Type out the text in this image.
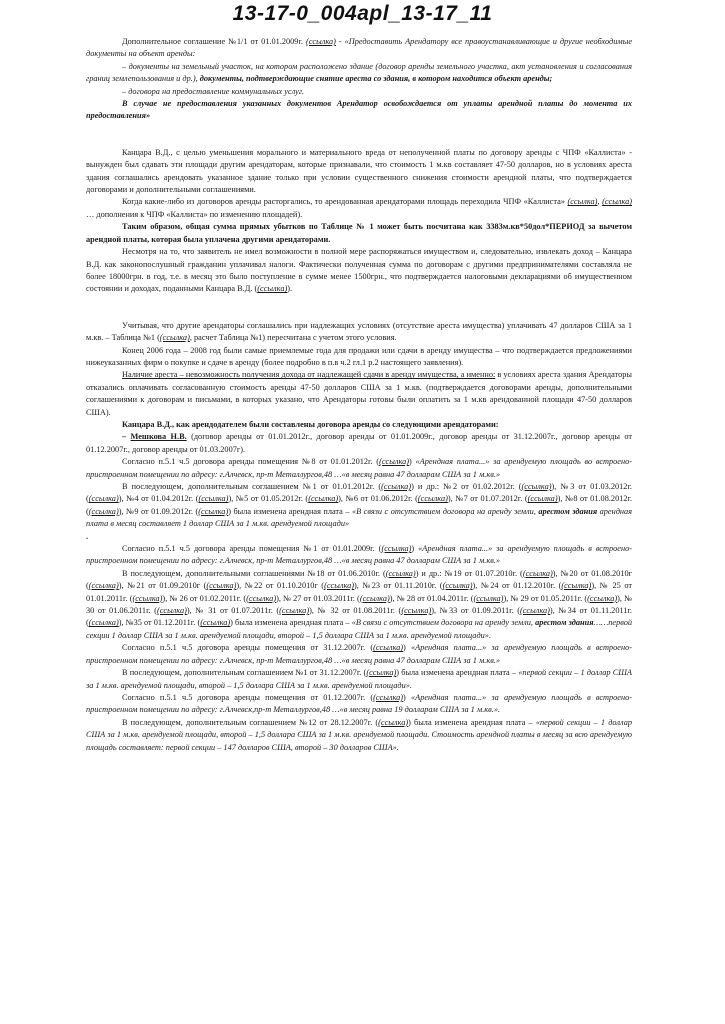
13-17-0_004apl_13-17_11

Дополнительное соглашение №1/1 от 01.01.2009г. (ссылка) - «Предоставить Арендатору все правоустанавливающие и другие необходимые документы на объект аренды:

– документы на земельный участок, на котором расположено здание (договор аренды земельного участка, акт установления и согласования границ землепользования и др.), документы, подтверждающие снятие ареста со здания, в котором находится объект аренды;

– договора на предоставление коммунальных услуг.

В случае не предоставления указанных документов Арендатор освобождается от уплаты арендной платы до момента их предоставления»

Канцара В.Д., с целью уменьшения морального и материального вреда от неполученной платы по договору аренды с ЧПФ «Каллиста» - вынужден был сдавать эти площади другим арендаторам, которые признавали, что стоимость 1 м.кв составляет 47-50 долларов, но в условиях ареста здания соглашались арендовать указанное здание только при условии существенного снижения стоимости арендной платы, что подтверждается договорами и дополнительными соглашениями.

Когда какие-либо из договоров аренды расторгались, то арендованная арендаторами площадь переходила ЧПФ «Каллиста» (ссылка), (ссылка) … дополнения к ЧПФ «Каллиста» по изменению площадей).

Таким образом, общая сумма прямых убытков по Таблице № 1 может быть посчитана как 3383м.кв*50дол*ПЕРИОД за вычетом арендной платы, которая была уплачена другими арендаторами.

Несмотря на то, что заявитель не имел возможности в полной мере распоряжаться имуществом и, следовательно, извлекать доход – Канцара В.Д. как законопослушный гражданин уплачивал налоги. Фактически полученная сумма по договорам с другими предпринимателями составляла не более 18000грн. в год, т.е. в месяц это было поступление в сумме менее 1500грн., что подтверждается налоговыми декларациями об имущественном состоянии и доходах, поданными Канцара В.Д. ((ссылка)).

Учитывая, что другие арендаторы соглашались при надлежащих условиях (отсутствие ареста имущества) уплачивать 47 долларов США за 1 м.кв. – Таблица №1 ((ссылка), расчет Таблица №1) пересчитана с учетом этого условия.

Конец 2006 года – 2008 год были самые приемлемые года для продажи или сдачи в аренду имущества – что подтверждается предложениями нижеуказанных фирм о покупке и сдаче в аренду (более подробно в п.в ч.2 гл.1 р.2 настоящего заявления).

Наличие ареста – невозможность получения дохода от надлежащей сдачи в аренду имущества, а именно: в условиях ареста здания Арендаторы отказались оплачивать согласованную стоимость аренды 47-50 долларов США за 1 м.кв. (подтверждается договорами аренды, дополнительными соглашениями к договорам и письмами, в которых указано, что Арендаторы готовы были оплатить за 1 м.кв арендованной площади 47-50 долларов США).

Канцара В.Д., как арендодателем были составлены договора аренды со следующими арендаторами:

– Мешкова Н.В. (договор аренды от 01.01.2012г., договор аренды от 01.01.2009г., договор аренды от 31.12.2007г., договор аренды от 01.12.2007г., договор аренды от 01.03.2007г).

Согласно п.5.1 ч.5 договора аренды помещения №8 от 01.01.2012г. ((ссылка)) «Арендная плата...» за арендуемую площадь во встроено-пристроенном помещении по адресу: г.Алчевск, пр-т Металлургов,48 …«в месяц равна 47 долларам США за 1 м.кв.»

В последующем, дополнительным соглашением №1 от 01.01.2012г. ((ссылка)) и др.: №2 от 01.02.2012г. ((ссылка)), №3 от 01.03.2012г. ((ссылка)), №4 от 01.04.2012г. ((ссылка)), №5 от 01.05.2012г. ((ссылка)), №6 от 01.06.2012г. ((ссылка)), №7 от 01.07.2012г. ((ссылка)), №8 от 01.08.2012г. ((ссылка)), №9 от 01.09.2012г. ((ссылка)) была изменена арендная плата – «В связи с отсутствием договора на аренду земли, арестом здания арендная плата в месяц составляет 1 доллар США за 1 м.кв. арендуемой площади»

.

Согласно п.5.1 ч.5 договора аренды помещения №1 от 01.01.2009г. ((ссылка)) «Арендная плата...» за арендуемую площадь в встроено-пристроенном помещении по адресу: г.Алчевск, пр-т Металлургов,48 …«в месяц равна 47 долларам США за 1 м.кв.»

В последующем, дополнительными соглашениями №18 от 01.06.2010г. ((ссылка)) и др.: №19 от 01.07.2010г. ((ссылка)), №20 от 01.08.2010г ((ссылка)), №21 от 01.09.2010г ((ссылка)), №22 от 01.10.2010г ((ссылка)), №23 от 01.11.2010г. ((ссылка)), №24 от 01.12.2010г. ((ссылка)), № 25 от 01.01.2011г. ((ссылка)), № 26 от 01.02.2011г. ((ссылка)), № 27 от 01.03.2011г. ((ссылка)), № 28 от 01.04.2011г. ((ссылка)), № 29 от 01.05.2011г. ((ссылка)), № 30 от 01.06.2011г. ((ссылка)), № 31 от 01.07.2011г. ((ссылка)), № 32 от 01.08.2011г. ((ссылка)), №33 от 01.09.2011г. ((ссылка)), №34 от 01.11.2011г. ((ссылка)), №35 от 01.12.2011г. ((ссылка)) была изменена арендная плата – «В связи с отсутствием договора на аренду земли, арестом здания……первой секции 1 доллар США за 1 м.кв. арендуемой площади, второй – 1,5 доллара США за 1 м.кв. арендуемой площади».

Согласно п.5.1 ч.5 договора аренды помещения от 31.12.2007г. ((ссылка)) «Арендная плата...» за арендуемую площадь в встроено-пристроенном помещении по адресу: г.Алчевск, пр-т Металлургов,48 …«в месяц равна 47 долларам США за 1 м.кв.»

В последующем, дополнительным соглашением №1 от 31.12.2007г. ((ссылка)) была изменена арендная плата – «первой секции – 1 доллар США за 1 м.кв. арендуемой площади, второй – 1,5 доллара США за 1 м.кв. арендуемой площади».

Согласно п.5.1 ч.5 договора аренды помещения от 01.12.2007г. ((ссылка)) «Арендная плата...» за арендуемую площадь в встроено-пристроенном помещении по адресу: г.Алчевск,пр-т Металлургов,48 …«в месяц равна 19 долларам США за 1 м.кв.».

В последующем, дополнительным соглашением №12 от 28.12.2007г. ((ссылка)) была изменена арендная плата – «первой секции – 1 доллар США за 1 м.кв. арендуемой площади, второй – 1,5 доллара США за 1 м.кв. арендуемой площади. Стоимость арендной платы в месяц за всю арендуемую площадь составляет: первой секции – 147 долларов США, второй – 30 долларов США».
